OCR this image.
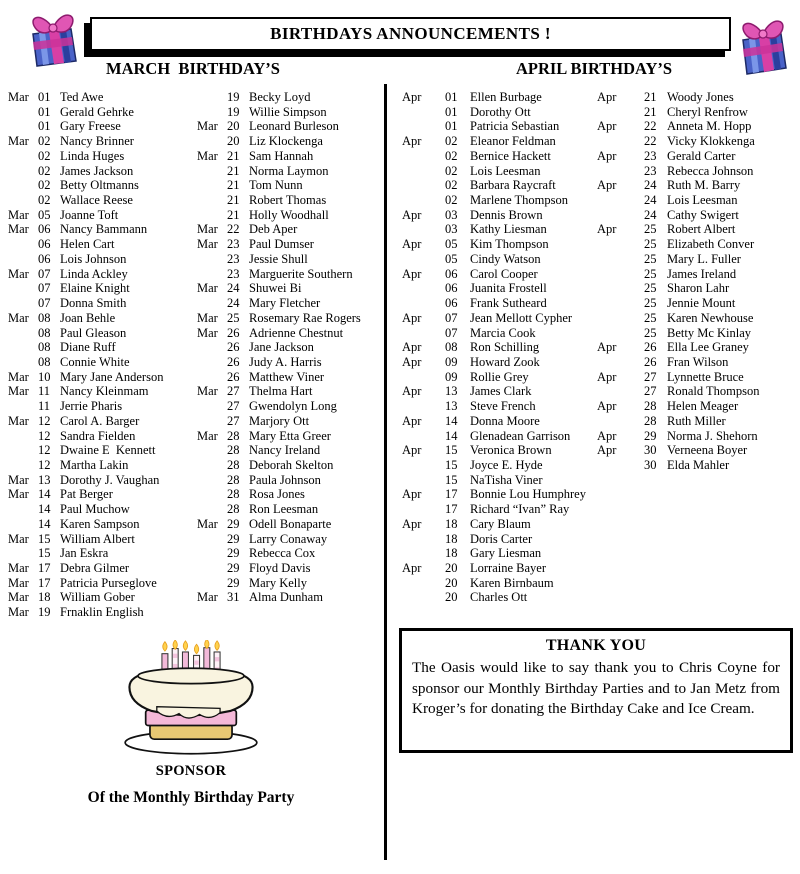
BIRTHDAYS ANNOUNCEMENTS !
MARCH  BIRTHDAY’S	APRIL BIRTHDAY’S
Mar 01 Ted Awe
01 Gerald Gehrke
01 Gary Freese
Mar 02 Nancy Brinner
02 Linda Huges
02 James Jackson
02 Betty Oltmanns
02 Wallace Reese
Mar 05 Joanne Toft
Mar 06 Nancy Bammann
06 Helen Cart
06 Lois Johnson
Mar 07 Linda Ackley
07 Elaine Knight
07 Donna Smith
Mar 08 Joan Behle
08 Paul Gleason
08 Diane Ruff
08 Connie White
Mar 10 Mary Jane Anderson
Mar 11 Nancy Kleinmam
11 Jerrie Pharis
Mar 12 Carol A. Barger
12 Sandra Fielden
12 Dwaine E  Kennett
12 Martha Lakin
Mar 13 Dorothy J. Vaughan
Mar 14 Pat Berger
14 Paul Muchow
14 Karen Sampson
Mar 15 William Albert
15 Jan Eskra
Mar 17 Debra Gilmer
Mar 17 Patricia Purseglove
Mar 18 William Gober
Mar 19 Frnaklin English
19 Becky Loyd
19 Willie Simpson
Mar 20 Leonard Burleson
20 Liz Klockenga
Mar 21 Sam Hannah
21 Norma Laymon
21 Tom Nunn
21 Robert Thomas
21 Holly Woodhall
Mar 22 Deb Aper
Mar 23 Paul Dumser
23 Jessie Shull
23 Marguerite Southern
Mar 24 Shuwei Bi
24 Mary Fletcher
Mar 25 Rosemary Rae Rogers
Mar 26 Adrienne Chestnut
26 Jane Jackson
26 Judy A. Harris
26 Matthew Viner
Mar 27 Thelma Hart
27 Gwendolyn Long
27 Marjory Ott
Mar 28 Mary Etta Greer
28 Nancy Ireland
28 Deborah Skelton
28 Paula Johnson
28 Rosa Jones
28 Ron Leesman
Mar 29 Odell Bonaparte
29 Larry Conaway
29 Rebecca Cox
29 Floyd Davis
29 Mary Kelly
Mar 31 Alma Dunham
Apr	01	Ellen Burbage
01	Dorothy Ott
01	Patricia Sebastian
Apr	02	Eleanor Feldman
02	Bernice Hackett
02	Lois Leesman
02	Barbara Raycraft
02	Marlene Thompson
Apr	03	Dennis Brown
03	Kathy Liesman
Apr	05	Kim Thompson
05	Cindy Watson
Apr	06	Carol Cooper
06	Juanita Frostell
06	Frank Sutheard
Apr	07	Jean Mellott Cypher
07	Marcia Cook
Apr	08	Ron Schilling
Apr	09	Howard Zook
09	Rollie Grey
Apr	13	James Clark
13	Steve French
Apr	14	Donna Moore
14	Glenadean Garrison
Apr	15	Veronica Brown
15	Joyce E. Hyde
15	NaTisha Viner
Apr	17	Bonnie Lou Humphrey
17	Richard “Ivan” Ray
Apr	18	Cary Blaum
18	Doris Carter
18	Gary Liesman
Apr	20	Lorraine Bayer
20	Karen Birnbaum
20	Charles Ott
Apr	21 Woody Jones
21 Cheryl Renfrow
Apr	22 Anneta M. Hopp
22 Vicky Klokkenga
Apr	23 Gerald Carter
23 Rebecca Johnson
Apr	24 Ruth M. Barry
24 Lois Leesman
24 Cathy Swigert
Apr	25 Robert Albert
25 Elizabeth Conver
25 Mary L. Fuller
25 James Ireland
25 Sharon Lahr
25 Jennie Mount
25 Karen Newhouse
25 Betty Mc Kinlay
Apr	26 Ella Lee Graney
26 Fran Wilson
Apr	27 Lynnette Bruce
27 Ronald Thompson
Apr	28 Helen Meager
28 Ruth Miller
Apr	29 Norma J. Shehorn
Apr	30 Verneena Boyer
30 Elda Mahler
SPONSOR
Of the Monthly Birthday Party
THANK YOU
The Oasis would like to say thank you to Chris Coyne for sponsor our Monthly Birthday Parties and to Jan Metz from Kroger’s for donating the Birthday Cake and Ice Cream.
